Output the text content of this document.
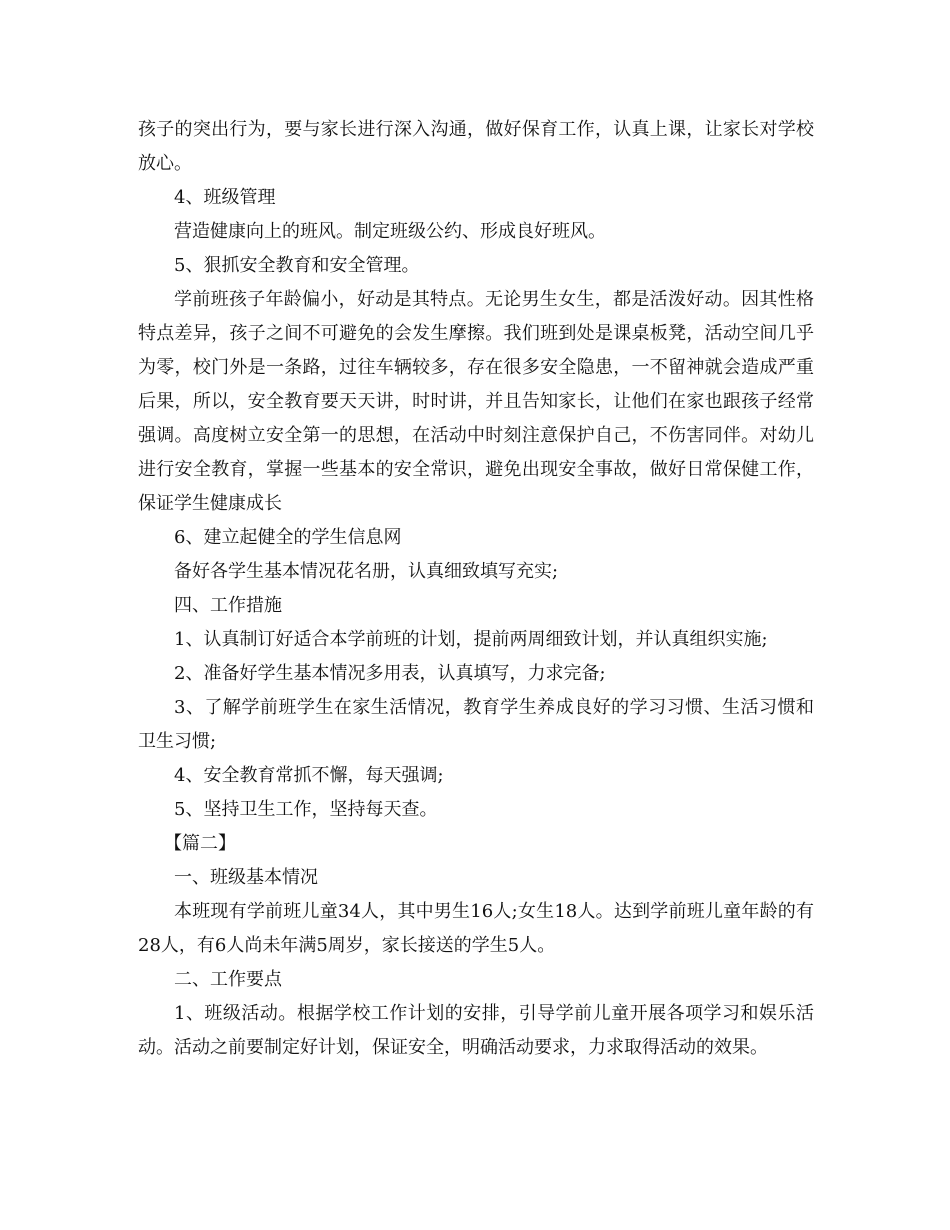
孩子的突出行为，要与家长进行深入沟通，做好保育工作，认真上课，让家长对学校放心。

4、班级管理

营造健康向上的班风。制定班级公约、形成良好班风。

5、狠抓安全教育和安全管理。

学前班孩子年龄偏小，好动是其特点。无论男生女生，都是活泼好动。因其性格特点差异，孩子之间不可避免的会发生摩擦。我们班到处是课桌板凳，活动空间几乎为零，校门外是一条路，过往车辆较多，存在很多安全隐患，一不留神就会造成严重后果，所以，安全教育要天天讲，时时讲，并且告知家长，让他们在家也跟孩子经常强调。高度树立安全第一的思想，在活动中时刻注意保护自己，不伤害同伴。对幼儿进行安全教育，掌握一些基本的安全常识，避免出现安全事故，做好日常保健工作，保证学生健康成长

6、建立起健全的学生信息网

备好各学生基本情况花名册，认真细致填写充实;

四、工作措施

1、认真制订好适合本学前班的计划，提前两周细致计划，并认真组织实施;

2、准备好学生基本情况多用表，认真填写，力求完备;

3、了解学前班学生在家生活情况，教育学生养成良好的学习习惯、生活习惯和卫生习惯;

4、安全教育常抓不懈，每天强调;

5、坚持卫生工作，坚持每天查。

【篇二】

一、班级基本情况

本班现有学前班儿童34人，其中男生16人;女生18人。达到学前班儿童年龄的有28人，有6人尚未年满5周岁，家长接送的学生5人。

二、工作要点

1、班级活动。根据学校工作计划的安排，引导学前儿童开展各项学习和娱乐活动。活动之前要制定好计划，保证安全，明确活动要求，力求取得活动的效果。
